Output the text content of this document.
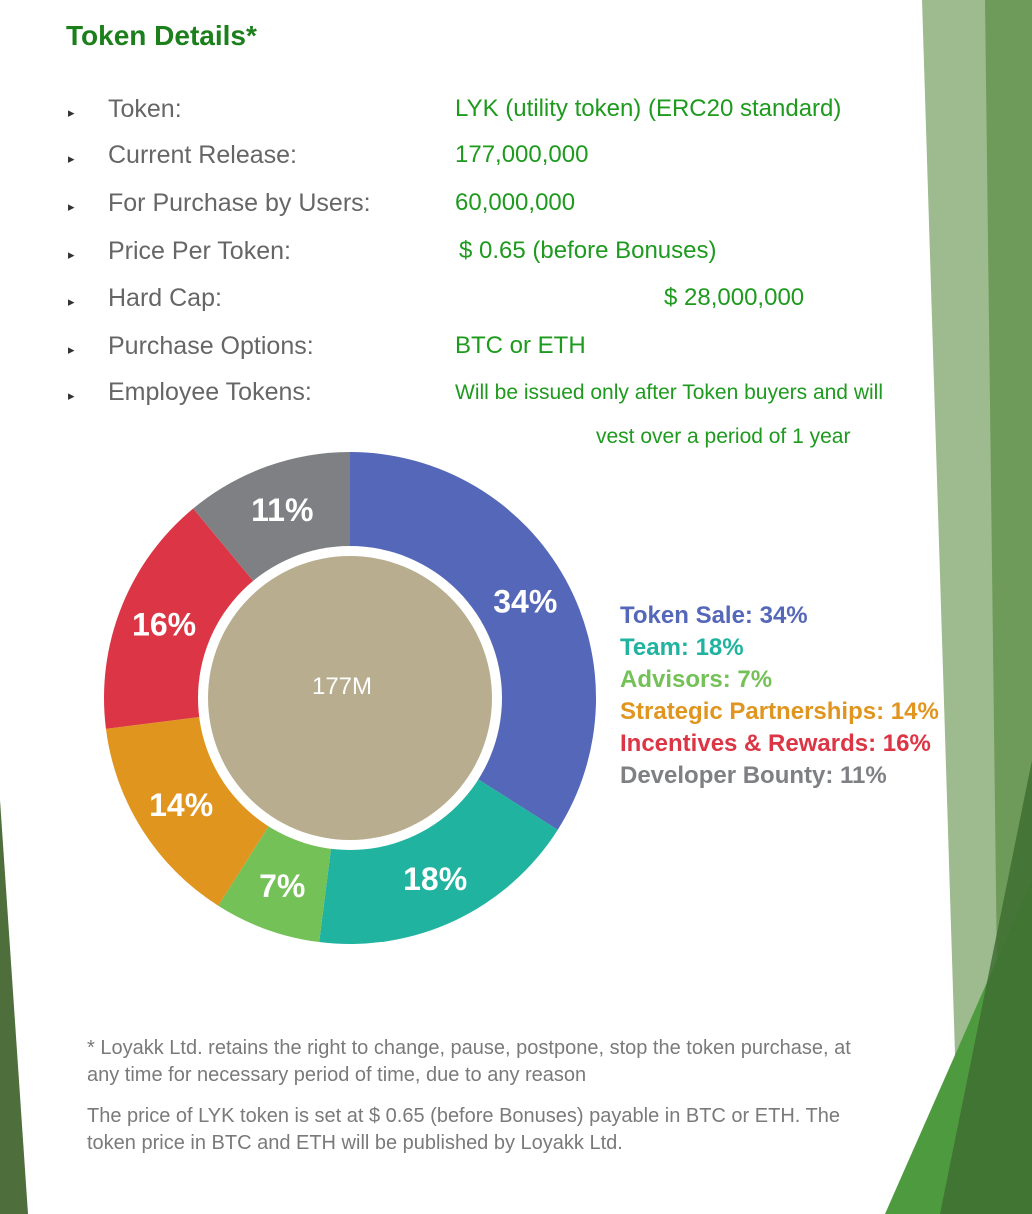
Token Details*
▸ Token:	LYK (utility token) (ERC20 standard)
▸ Current Release:	177,000,000
▸ For Purchase by Users:	60,000,000
▸ Price Per Token:	$ 0.65 (before Bonuses)
▸ Hard Cap:	$ 28,000,000
▸ Purchase Options:	BTC or ETH
▸ Employee Tokens:	Will be issued only after Token buyers and will
vest over a period of 1 year
34%
18%
7%
14%
16%
11%
177M
Token Sale: 34%
Team: 18%
Advisors: 7%
Strategic Partnerships: 14%
Incentives & Rewards: 16%
Developer Bounty: 11%
* Loyakk Ltd. retains the right to change, pause, postpone, stop the token purchase, at any time for necessary period of time, due to any reason
The price of LYK token is set at $ 0.65 (before Bonuses) payable in BTC or ETH. The token price in BTC and ETH will be published by Loyakk Ltd.
